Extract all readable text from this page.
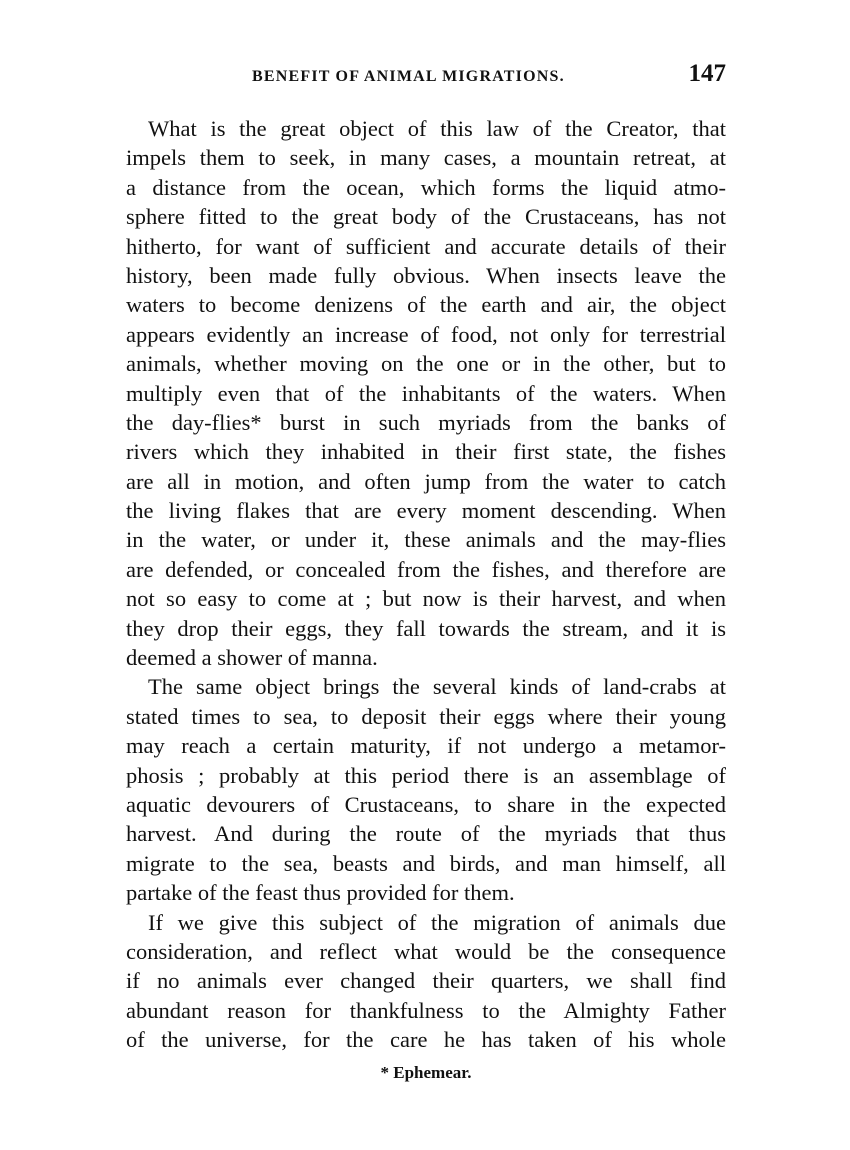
BENEFIT OF ANIMAL MIGRATIONS.	147
What is the great object of this law of the Creator, that
impels them to seek, in many cases, a mountain retreat, at
a distance from the ocean, which forms the liquid atmo-
sphere fitted to the great body of the Crustaceans, has not
hitherto, for want of sufficient and accurate details of their
history, been made fully obvious. When insects leave the
waters to become denizens of the earth and air, the object
appears evidently an increase of food, not only for terrestrial
animals, whether moving on the one or in the other, but to
multiply even that of the inhabitants of the waters. When
the day-flies* burst in such myriads from the banks of
rivers which they inhabited in their first state, the fishes
are all in motion, and often jump from the water to catch
the living flakes that are every moment descending. When
in the water, or under it, these animals and the may-flies
are defended, or concealed from the fishes, and therefore are
not so easy to come at ; but now is their harvest, and when
they drop their eggs, they fall towards the stream, and it is
deemed a shower of manna.
The same object brings the several kinds of land-crabs at
stated times to sea, to deposit their eggs where their young
may reach a certain maturity, if not undergo a metamor-
phosis ; probably at this period there is an assemblage of
aquatic devourers of Crustaceans, to share in the expected
harvest. And during the route of the myriads that thus
migrate to the sea, beasts and birds, and man himself, all
partake of the feast thus provided for them.
If we give this subject of the migration of animals due
consideration, and reflect what would be the consequence
if no animals ever changed their quarters, we shall find
abundant reason for thankfulness to the Almighty Father
of the universe, for the care he has taken of his whole
* Ephemear.
